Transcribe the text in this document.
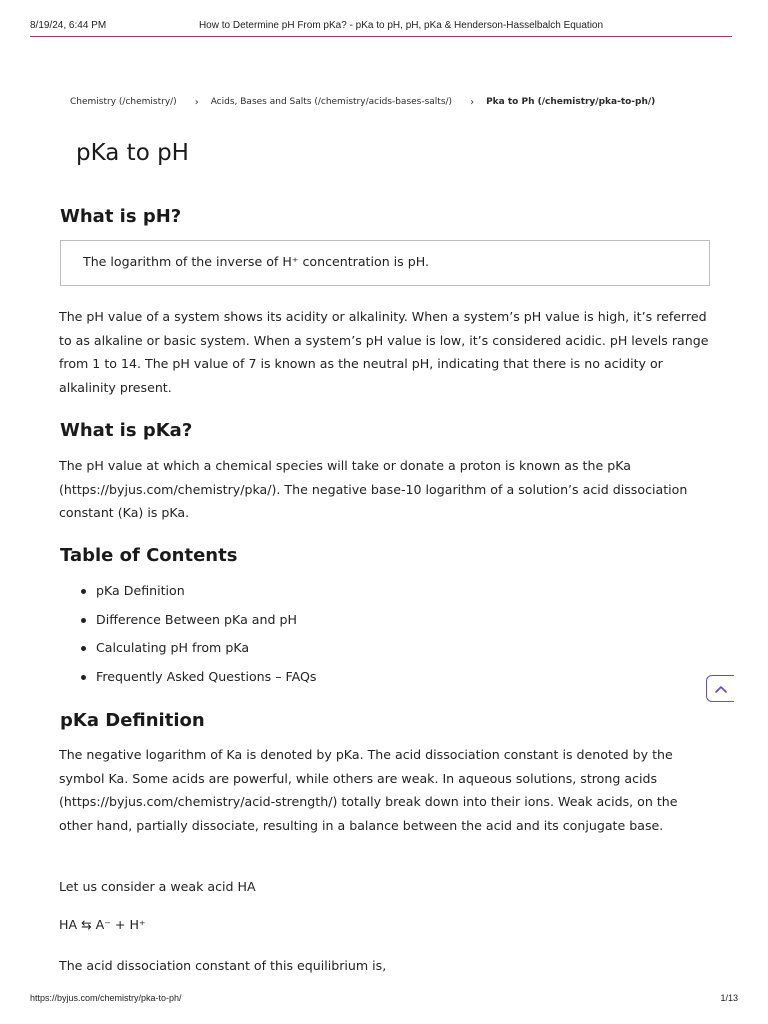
8/19/24, 6:44 PM	How to Determine pH From pKa? - pKa to pH, pH, pKa & Henderson-Hasselbalch Equation
Chemistry (/chemistry/) › Acids, Bases and Salts (/chemistry/acids-bases-salts/) › Pka to Ph (/chemistry/pka-to-ph/)
pKa to pH
What is pH?
The logarithm of the inverse of H⁺ concentration is pH.

The pH value of a system shows its acidity or alkalinity. When a system’s pH value is high, it’s referred to as alkaline or basic system. When a system’s pH value is low, it’s considered acidic. pH levels range from 1 to 14. The pH value of 7 is known as the neutral pH, indicating that there is no acidity or alkalinity present.

What is pKa?

The pH value at which a chemical species will take or donate a proton is known as the pKa (https://byjus.com/chemistry/pka/). The negative base-10 logarithm of a solution’s acid dissociation constant (Ka) is pKa.

Table of Contents
pKa Definition
Difference Between pKa and pH
Calculating pH from pKa
Frequently Asked Questions – FAQs
pKa Definition

The negative logarithm of Ka is denoted by pKa. The acid dissociation constant is denoted by the symbol Ka. Some acids are powerful, while others are weak. In aqueous solutions, strong acids (https://byjus.com/chemistry/acid-strength/) totally break down into their ions. Weak acids, on the other hand, partially dissociate, resulting in a balance between the acid and its conjugate base.

Let us consider a weak acid HA

HA ⇆ A⁻ + H⁺

The acid dissociation constant of this equilibrium is,

https://byjus.com/chemistry/pka-to-ph/	1/13
